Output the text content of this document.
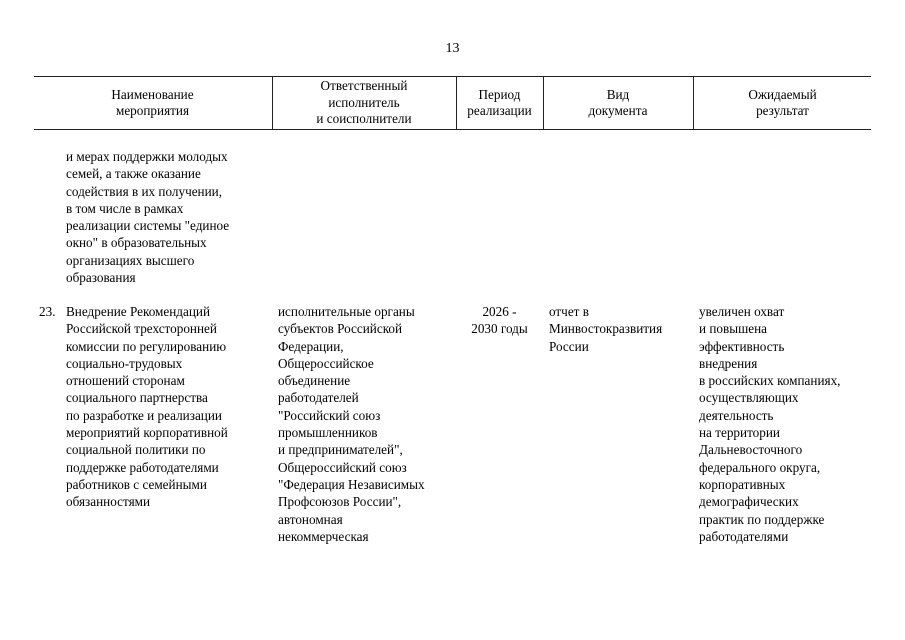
13
Наименование
мероприятия
Ответственный
исполнитель
и соисполнители
Период
реализации
Вид
документа
Ожидаемый
результат
и мерах поддержки молодых
семей, а также оказание
содействия в их получении,
в том числе в рамках
реализации системы "единое
окно" в образовательных
организациях высшего
образования
23. Внедрение Рекомендаций
Российской трехсторонней
комиссии по регулированию
социально-трудовых
отношений сторонам
социального партнерства
по разработке и реализации
мероприятий корпоративной
социальной политики по
поддержке работодателями
работников с семейными
обязанностями
исполнительные органы
субъектов Российской
Федерации,
Общероссийское
объединение
работодателей
"Российский союз
промышленников
и предпринимателей",
Общероссийский союз
"Федерация Независимых
Профсоюзов России",
автономная
некоммерческая
2026 -
2030 годы
отчет в
Минвостокразвития
России
увеличен охват
и повышена
эффективность
внедрения
в российских компаниях,
осуществляющих
деятельность
на территории
Дальневосточного
федерального округа,
корпоративных
демографических
практик по поддержке
работодателями
